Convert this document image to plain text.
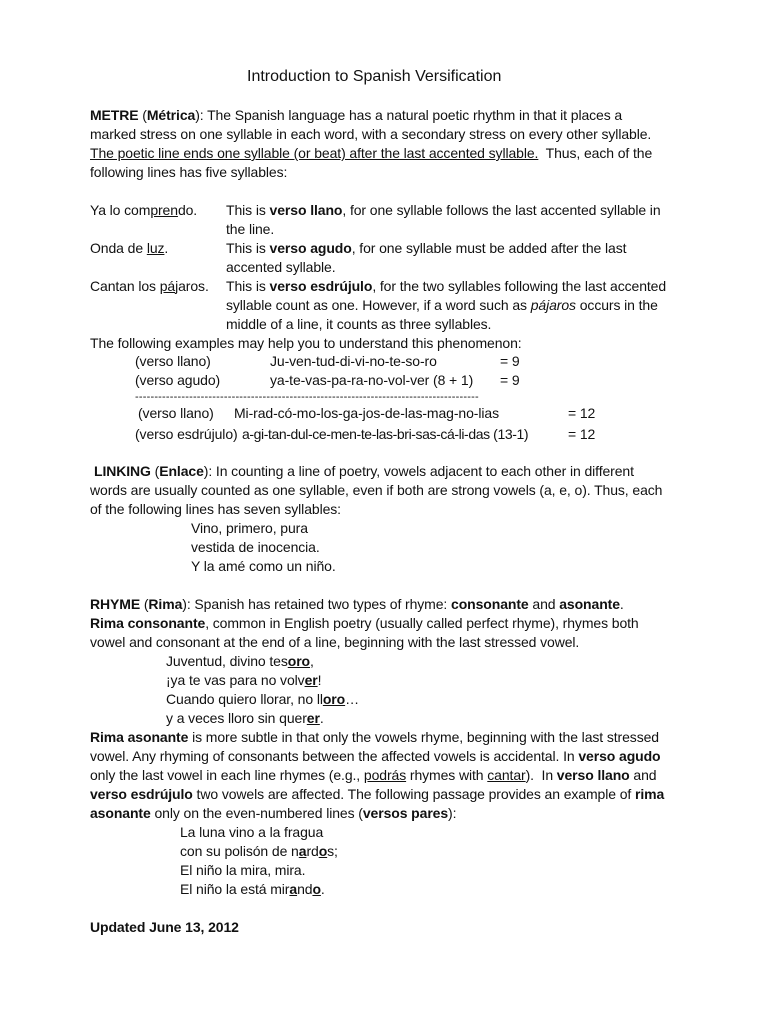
Introduction to Spanish Versification
METRE (Métrica): The Spanish language has a natural poetic rhythm in that it places a
marked stress on one syllable in each word, with a secondary stress on every other syllable.
The poetic line ends one syllable (or beat) after the last accented syllable.  Thus, each of the
following lines has five syllables:
Ya lo comprendo. This is verso llano, for one syllable follows the last accented syllable in
the line.
Onda de luz.	This is verso agudo, for one syllable must be added after the last
accented syllable.
Cantan los pájaros. This is verso esdrújulo, for the two syllables following the last accented
syllable count as one. However, if a word such as pájaros occurs in the
middle of a line, it counts as three syllables.
The following examples may help you to understand this phenomenon:
(verso llano)	Ju-ven-tud-di-vi-no-te-so-ro	= 9
(verso agudo)	ya-te-vas-pa-ra-no-vol-ver (8 + 1) = 9
-----------------------------------------------------------------------------------------
(verso llano) Mi-rad-có-mo-los-ga-jos-de-las-mag-no-lias	= 12
(verso esdrújulo) a-gi-tan-dul-ce-men-te-las-bri-sas-cá-li-das (13-1)	= 12
LINKING (Enlace): In counting a line of poetry, vowels adjacent to each other in different
words are usually counted as one syllable, even if both are strong vowels (a, e, o). Thus, each
of the following lines has seven syllables:
Vino, primero, pura
vestida de inocencia.
Y la amé como un niño.
RHYME (Rima): Spanish has retained two types of rhyme: consonante and asonante.
Rima consonante, common in English poetry (usually called perfect rhyme), rhymes both
vowel and consonant at the end of a line, beginning with the last stressed vowel.
Juventud, divino tesoro,
¡ya te vas para no volver!
Cuando quiero llorar, no lloro…
y a veces lloro sin querer.
Rima asonante is more subtle in that only the vowels rhyme, beginning with the last stressed
vowel. Any rhyming of consonants between the affected vowels is accidental. In verso agudo
only the last vowel in each line rhymes (e.g., podrás rhymes with cantar).  In verso llano and
verso esdrújulo two vowels are affected. The following passage provides an example of rima
asonante only on the even-numbered lines (versos pares):
La luna vino a la fragua
con su polisón de nardos;
El niño la mira, mira.
El niño la está mirando.
Updated June 13, 2012
